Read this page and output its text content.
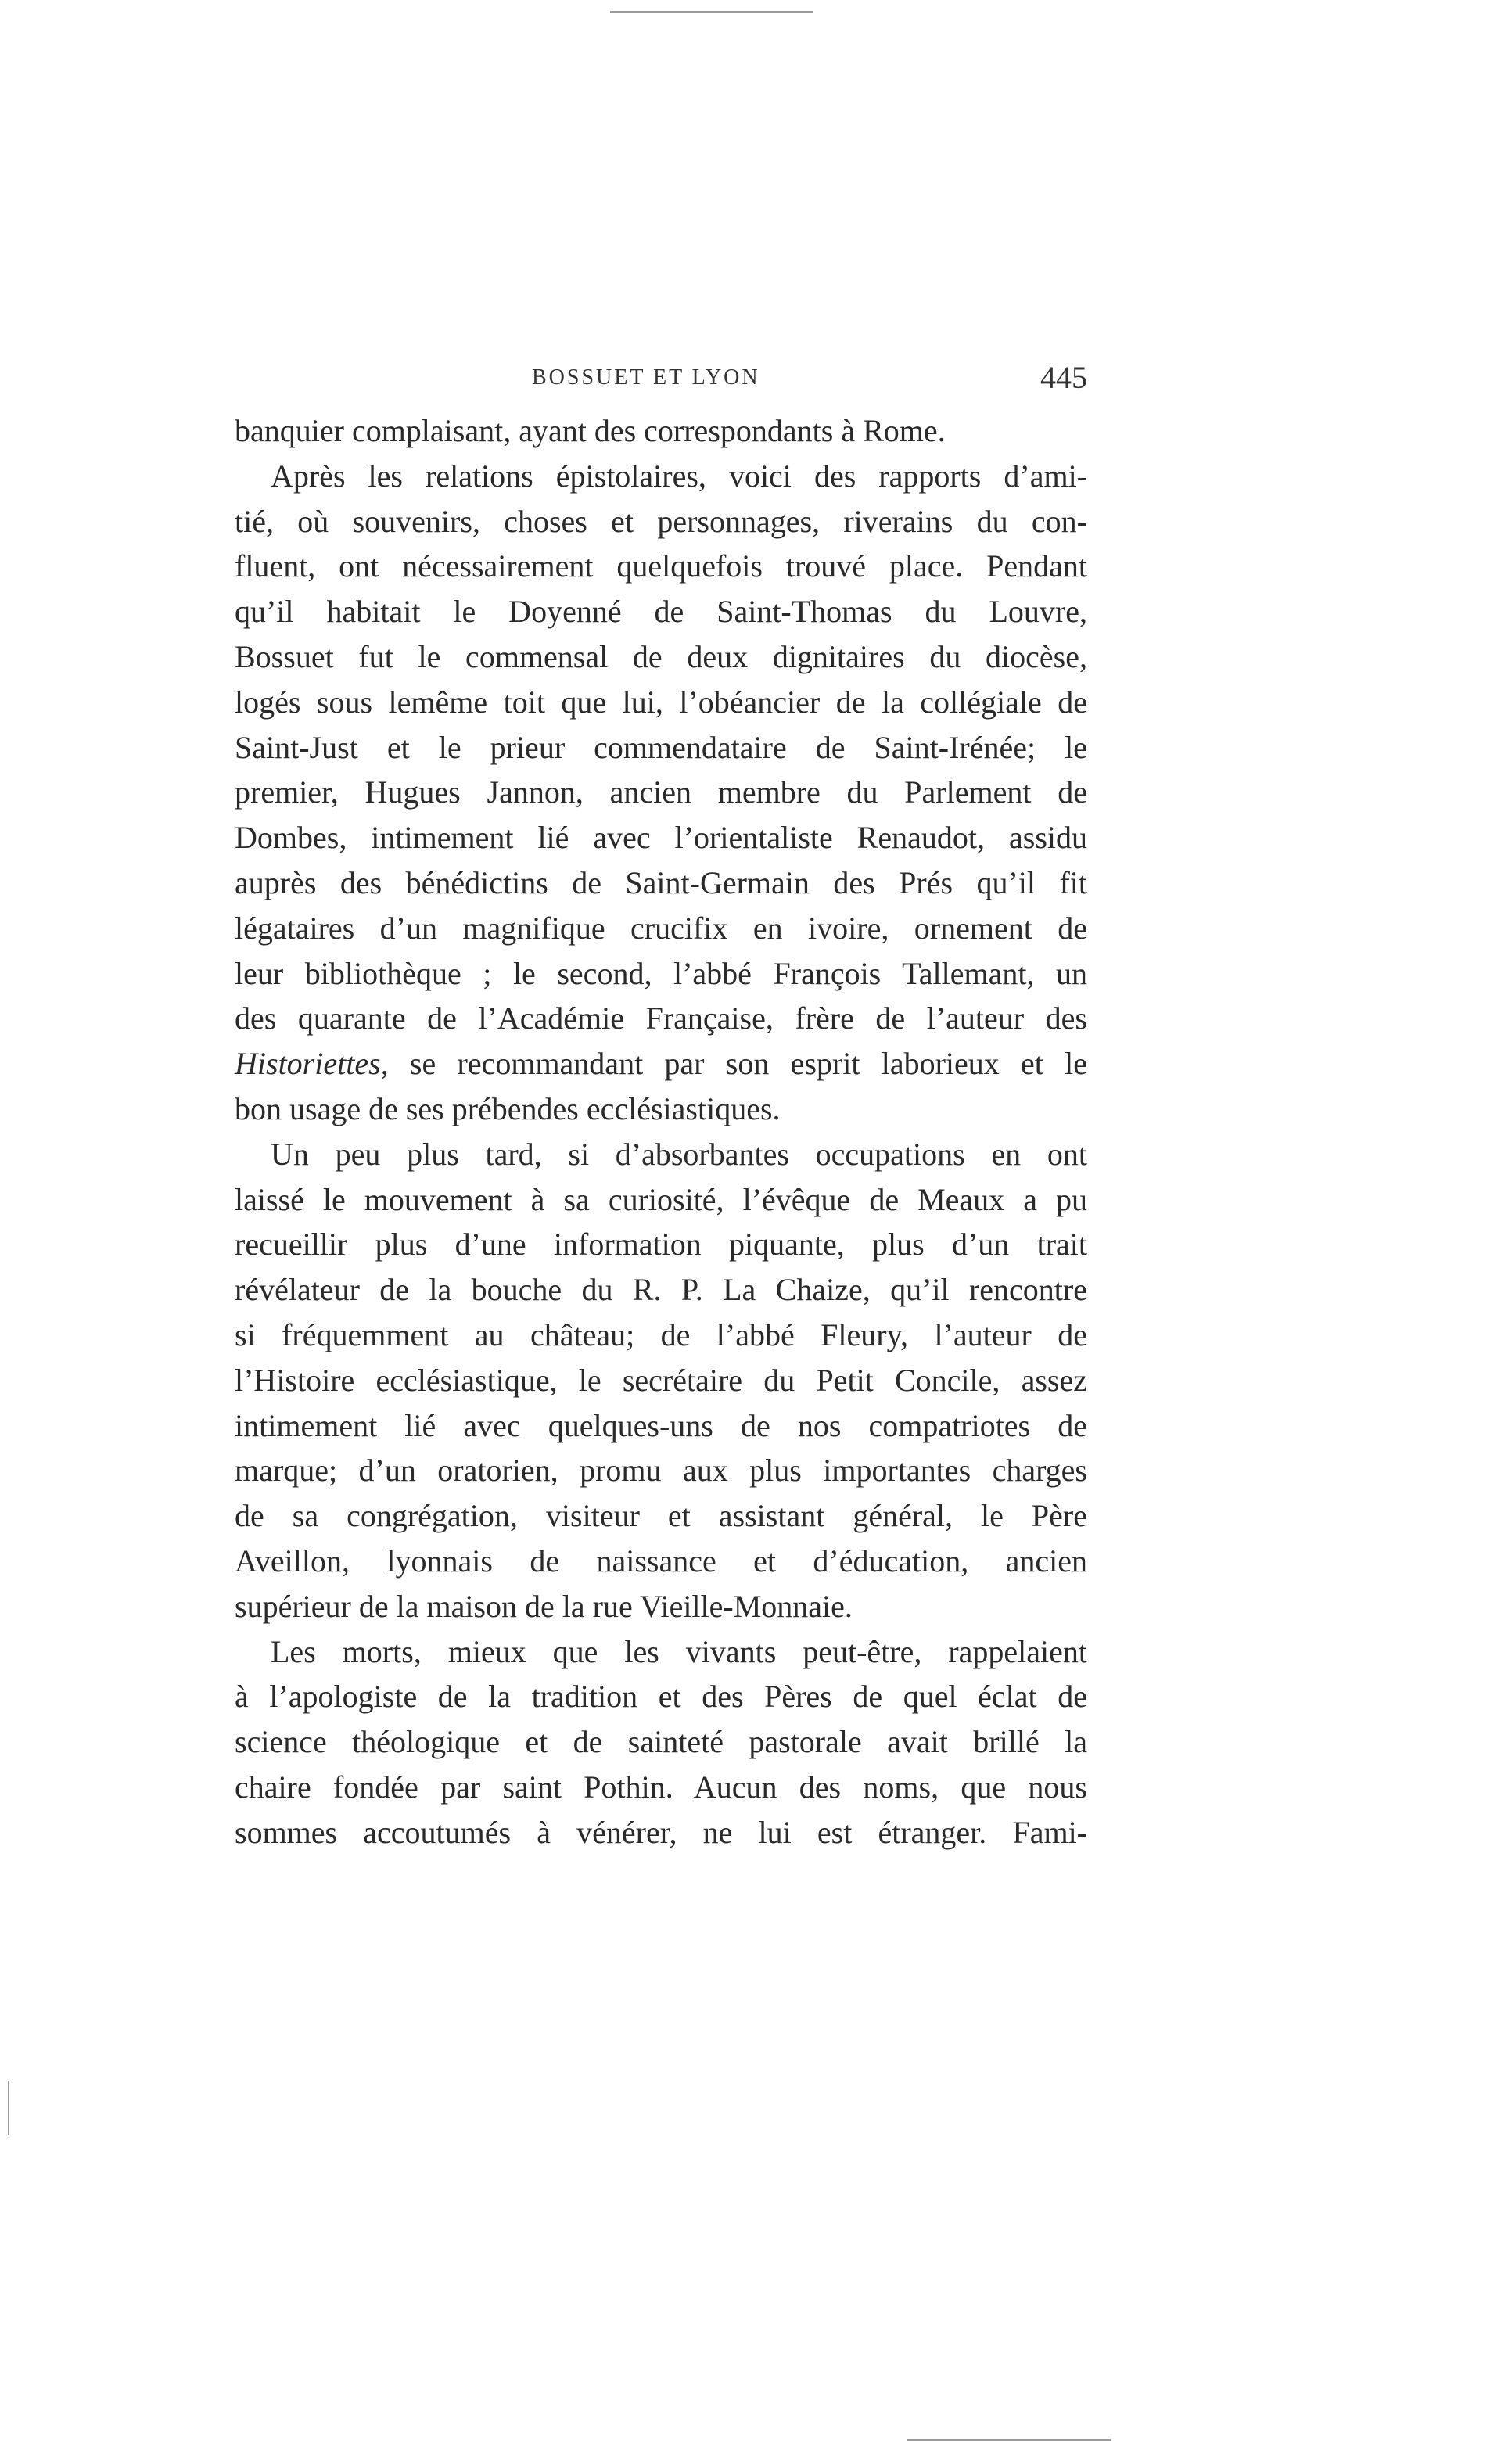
BOSSUET ET LYON	445
banquier complaisant, ayant des correspondants à Rome.
Après les relations épistolaires, voici des rapports d’ami-
tié, où souvenirs, choses et personnages, riverains du con-
fluent, ont nécessairement quelquefois trouvé place. Pendant
qu’il habitait le Doyenné de Saint-Thomas du Louvre,
Bossuet fut le commensal de deux dignitaires du diocèse,
logés sous lemême toit que lui, l’obéancier de la collégiale de
Saint-Just et le prieur commendataire de Saint-Irénée; le
premier, Hugues Jannon, ancien membre du Parlement de
Dombes, intimement lié avec l’orientaliste Renaudot, assidu
auprès des bénédictins de Saint-Germain des Prés qu’il fit
légataires d’un magnifique crucifix en ivoire, ornement de
leur bibliothèque ; le second, l’abbé François Tallemant, un
des quarante de l’Académie Française, frère de l’auteur des
Historiettes, se recommandant par son esprit laborieux et le
bon usage de ses prébendes ecclésiastiques.
Un peu plus tard, si d’absorbantes occupations en ont
laissé le mouvement à sa curiosité, l’évêque de Meaux a pu
recueillir plus d’une information piquante, plus d’un trait
révélateur de la bouche du R. P. La Chaize, qu’il rencontre
si fréquemment au château; de l’abbé Fleury, l’auteur de
l’Histoire ecclésiastique, le secrétaire du Petit Concile, assez
intimement lié avec quelques-uns de nos compatriotes de
marque; d’un oratorien, promu aux plus importantes charges
de sa congrégation, visiteur et assistant général, le Père
Aveillon, lyonnais de naissance et d’éducation, ancien
supérieur de la maison de la rue Vieille-Monnaie.
Les morts, mieux que les vivants peut-être, rappelaient
à l’apologiste de la tradition et des Pères de quel éclat de
science théologique et de sainteté pastorale avait brillé la
chaire fondée par saint Pothin. Aucun des noms, que nous
sommes accoutumés à vénérer, ne lui est étranger. Fami-
